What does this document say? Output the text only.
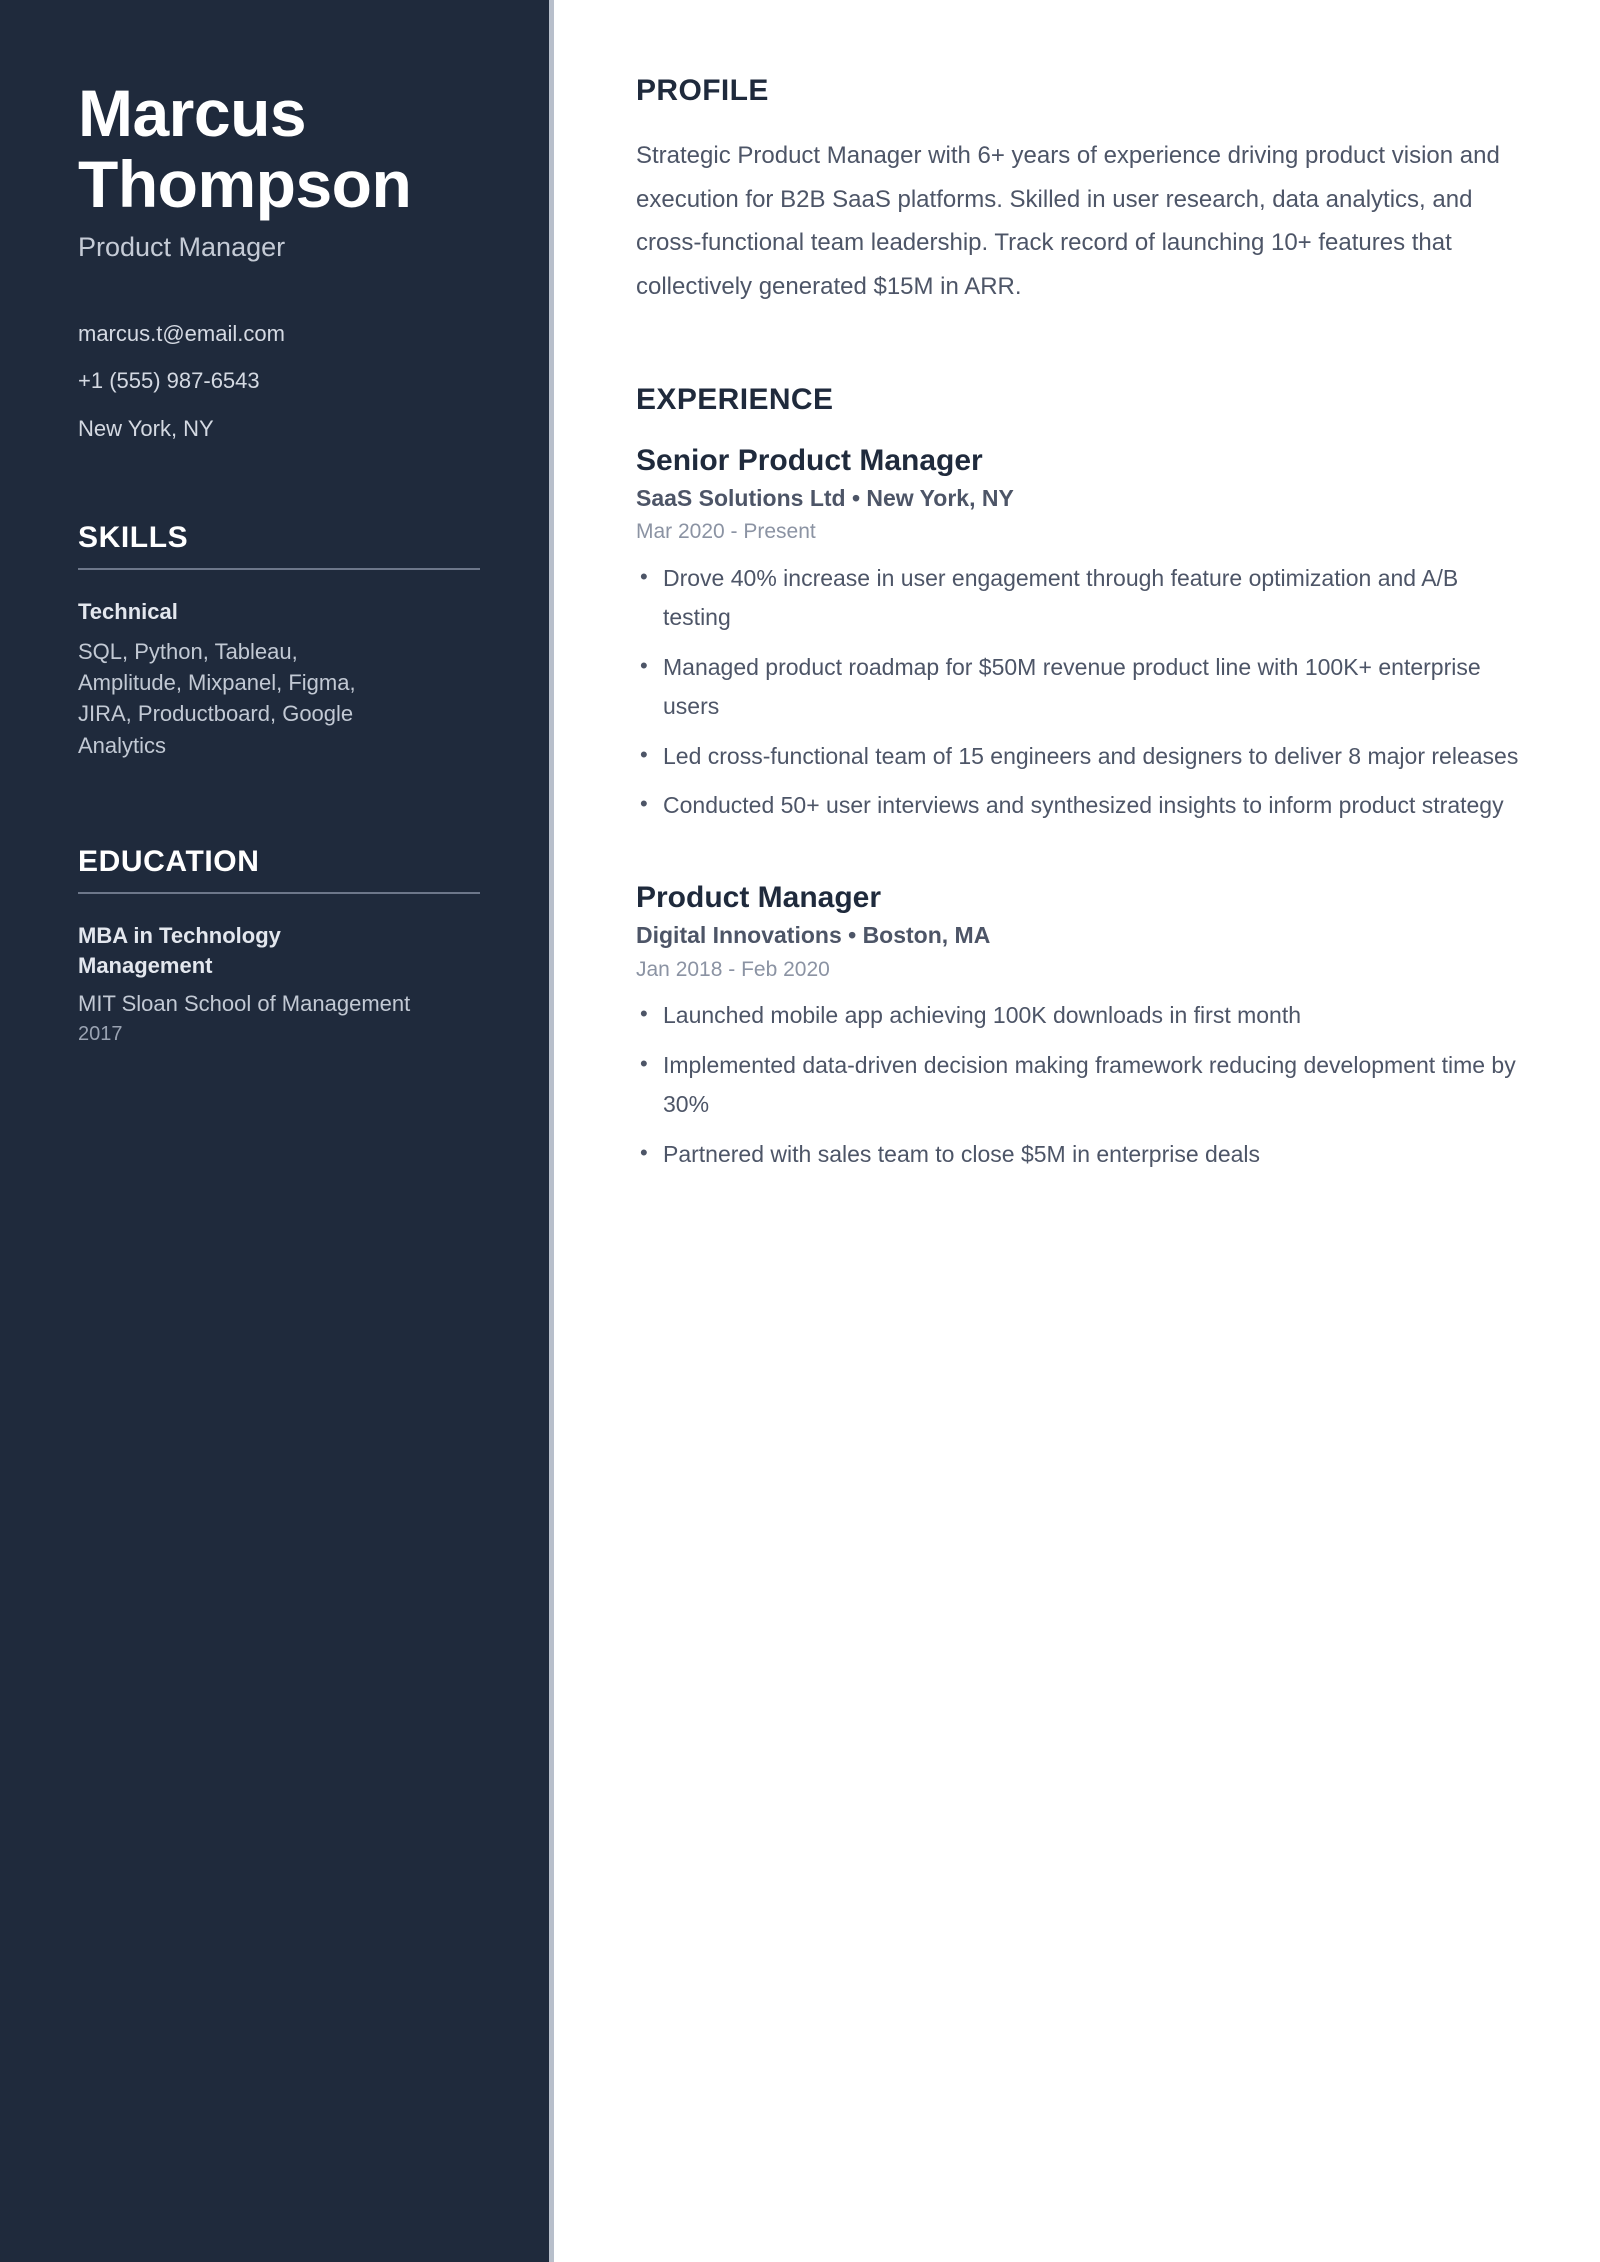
Marcus Thompson
Product Manager
marcus.t@email.com
+1 (555) 987-6543
New York, NY
SKILLS
Technical
SQL, Python, Tableau, Amplitude, Mixpanel, Figma, JIRA, Productboard, Google Analytics
EDUCATION
MBA in Technology Management
MIT Sloan School of Management
2017
PROFILE

Strategic Product Manager with 6+ years of experience driving product vision and execution for B2B SaaS platforms. Skilled in user research, data analytics, and cross-functional team leadership. Track record of launching 10+ features that collectively generated $15M in ARR.

EXPERIENCE
Senior Product Manager
SaaS Solutions Ltd • New York, NY
Mar 2020 - Present
• Drove 40% increase in user engagement through feature optimization and A/B testing
• Managed product roadmap for $50M revenue product line with 100K+ enterprise users
• Led cross-functional team of 15 engineers and designers to deliver 8 major releases
• Conducted 50+ user interviews and synthesized insights to inform product strategy
Product Manager
Digital Innovations • Boston, MA
Jan 2018 - Feb 2020
• Launched mobile app achieving 100K downloads in first month
• Implemented data-driven decision making framework reducing development time by 30%
• Partnered with sales team to close $5M in enterprise deals
